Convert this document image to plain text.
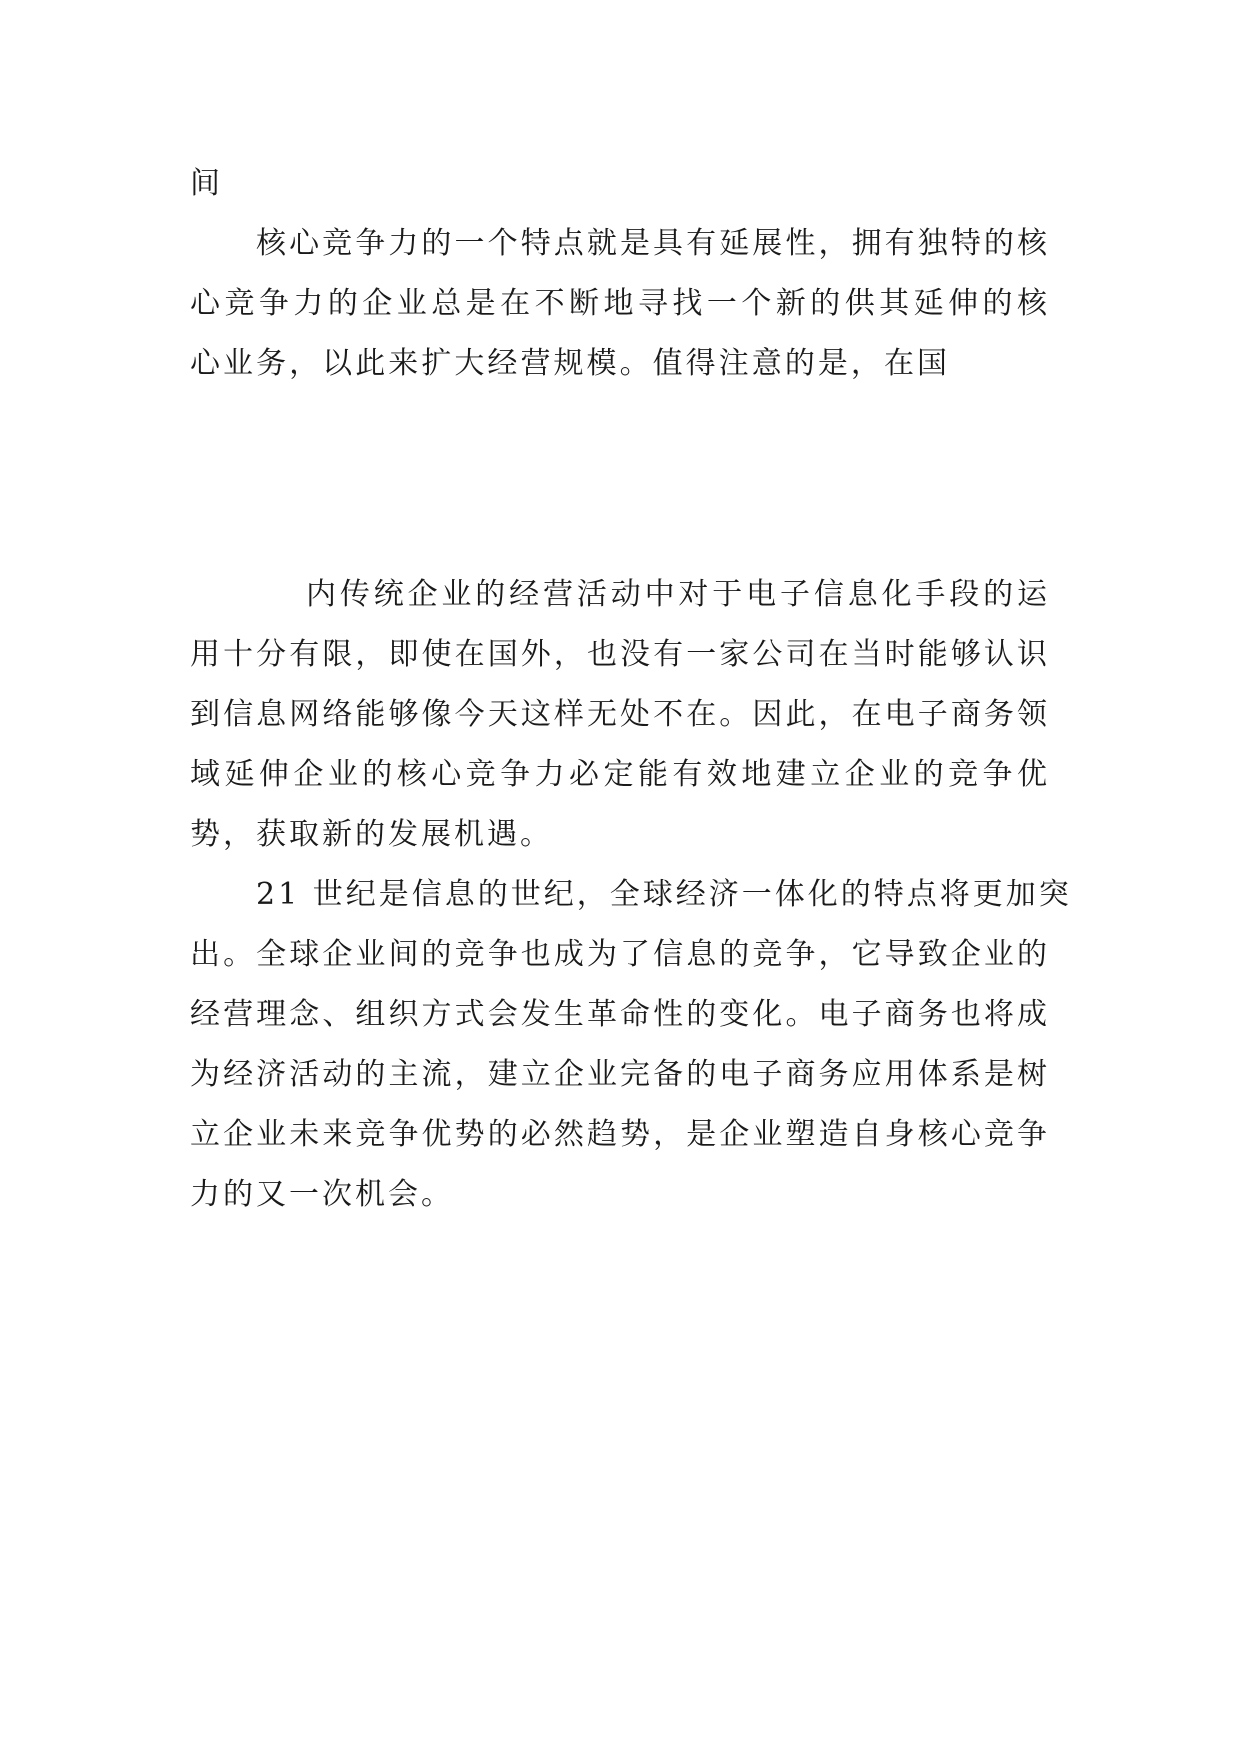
间
核心竞争力的一个特点就是具有延展性，拥有独特的核
心竞争力的企业总是在不断地寻找一个新的供其延伸的核
心业务，以此来扩大经营规模。值得注意的是，在国
内传统企业的经营活动中对于电子信息化手段的运
用十分有限，即使在国外，也没有一家公司在当时能够认识
到信息网络能够像今天这样无处不在。因此，在电子商务领
域延伸企业的核心竞争力必定能有效地建立企业的竞争优
势，获取新的发展机遇。
21 世纪是信息的世纪，全球经济一体化的特点将更加突
出。全球企业间的竞争也成为了信息的竞争，它导致企业的
经营理念、组织方式会发生革命性的变化。电子商务也将成
为经济活动的主流，建立企业完备的电子商务应用体系是树
立企业未来竞争优势的必然趋势，是企业塑造自身核心竞争
力的又一次机会。
